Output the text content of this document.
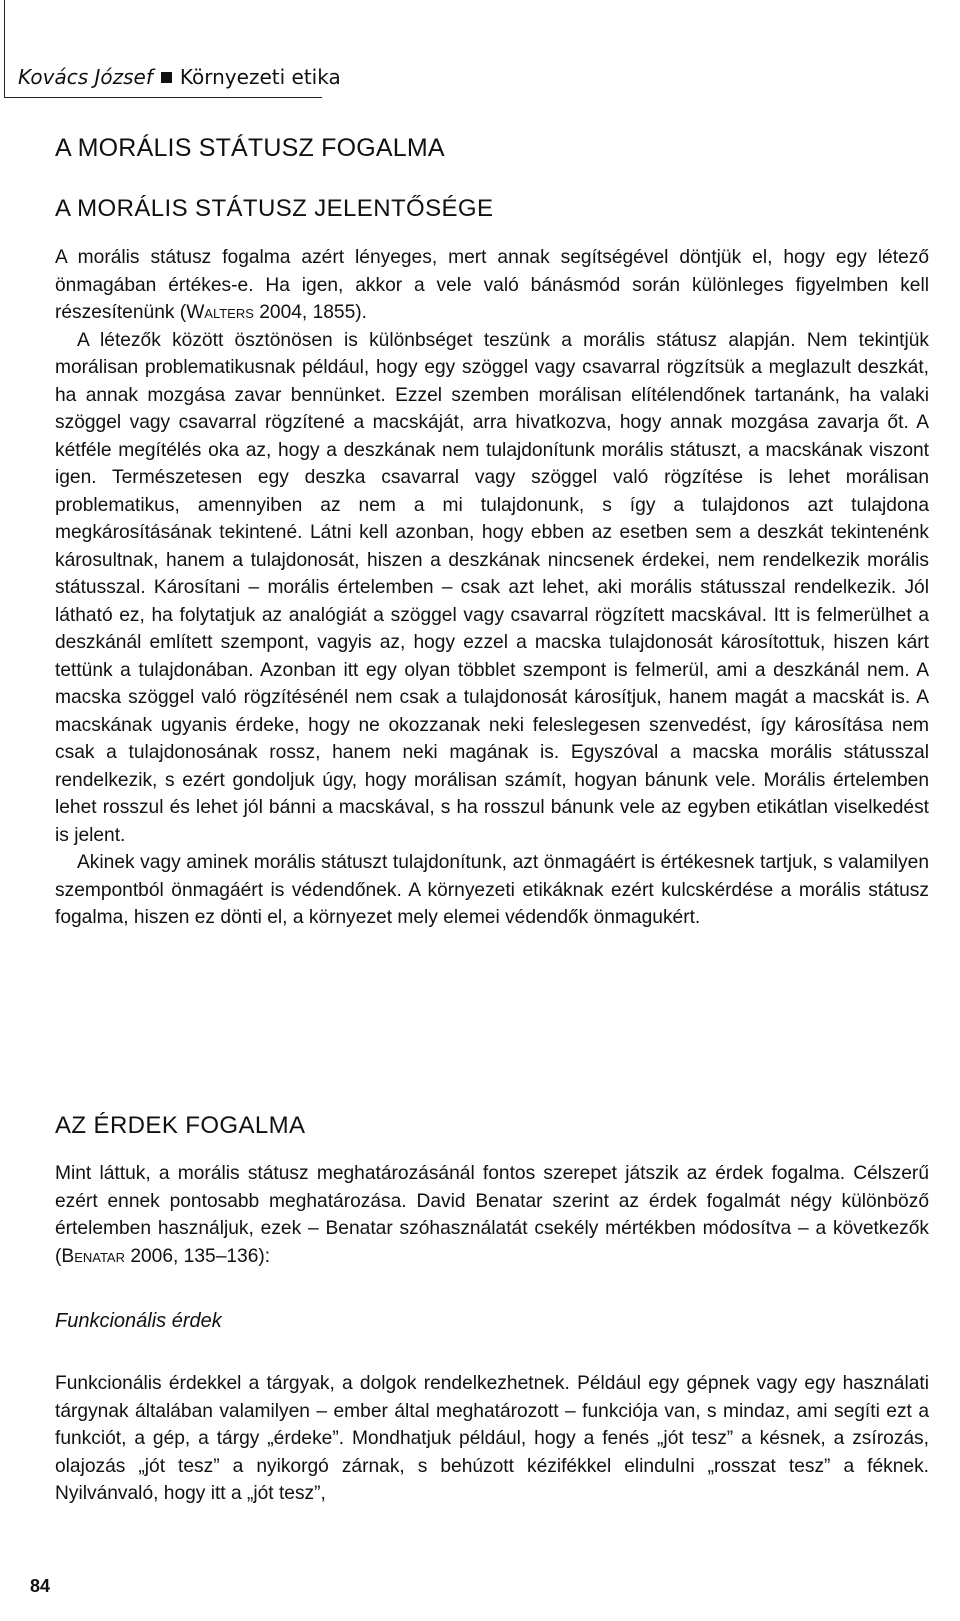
Kovács József Környezeti etika
A MORÁLIS STÁTUSZ FOGALMA
A MORÁLIS STÁTUSZ JELENTŐSÉGE

A morális státusz fogalma azért lényeges, mert annak segítségével döntjük el, hogy egy létező önmagában értékes-e. Ha igen, akkor a vele való bánásmód során különleges figyelmben kell részesítenünk (Walters 2004, 1855).

A létezők között ösztönösen is különbséget teszünk a morális státusz alapján. Nem tekintjük morálisan problematikusnak például, hogy egy szöggel vagy csavarral rögzítsük a meglazult deszkát, ha annak mozgása zavar bennünket. Ezzel szemben morálisan elítélendőnek tartanánk, ha valaki szöggel vagy csavarral rögzítené a macskáját, arra hivatkozva, hogy annak mozgása zavarja őt. A kétféle megítélés oka az, hogy a deszkának nem tulajdonítunk morális státuszt, a macskának viszont igen. Természetesen egy deszka csavarral vagy szöggel való rögzítése is lehet morálisan problematikus, amennyiben az nem a mi tulajdonunk, s így a tulajdonos azt tulajdona megkárosításának tekintené. Látni kell azonban, hogy ebben az esetben sem a deszkát tekintenénk károsultnak, hanem a tulajdonosát, hiszen a deszkának nincsenek érdekei, nem rendelkezik morális státusszal. Károsítani – morális értelemben – csak azt lehet, aki morális státusszal rendelkezik. Jól látható ez, ha folytatjuk az analógiát a szöggel vagy csavarral rögzített macskával. Itt is felmerülhet a deszkánál említett szempont, vagyis az, hogy ezzel a macska tulajdonosát károsítottuk, hiszen kárt tettünk a tulajdonában. Azonban itt egy olyan többlet szempont is felmerül, ami a deszkánál nem. A macska szöggel való rögzítésénél nem csak a tulajdonosát károsítjuk, hanem magát a macskát is. A macskának ugyanis érdeke, hogy ne okozzanak neki feleslegesen szenvedést, így károsítása nem csak a tulajdonosának rossz, hanem neki magának is. Egyszóval a macska morális státusszal rendelkezik, s ezért gondoljuk úgy, hogy morálisan számít, hogyan bánunk vele. Morális értelemben lehet rosszul és lehet jól bánni a macskával, s ha rosszul bánunk vele az egyben etikátlan viselkedést is jelent.

Akinek vagy aminek morális státuszt tulajdonítunk, azt önmagáért is értékesnek tartjuk, s valamilyen szempontból önmagáért is védendőnek. A környezeti etikáknak ezért kulcskérdése a morális státusz fogalma, hiszen ez dönti el, a környezet mely elemei védendők önmagukért.

AZ ÉRDEK FOGALMA

Mint láttuk, a morális státusz meghatározásánál fontos szerepet játszik az érdek fogalma. Célszerű ezért ennek pontosabb meghatározása. David Benatar szerint az érdek fogalmát négy különböző értelemben használjuk, ezek – Benatar szóhasználatát csekély mértékben módosítva – a következők (Benatar 2006, 135–136):

Funkcionális érdek

Funkcionális érdekkel a tárgyak, a dolgok rendelkezhetnek. Például egy gépnek vagy egy használati tárgynak általában valamilyen – ember által meghatározott – funkciója van, s mindaz, ami segíti ezt a funkciót, a gép, a tárgy „érdeke”. Mondhatjuk például, hogy a fenés „jót tesz” a késnek, a zsírozás, olajozás „jót tesz” a nyikorgó zárnak, s behúzott kézifékkel elindulni „rosszat tesz” a féknek. Nyilvánvaló, hogy itt a „jót tesz”,

84
